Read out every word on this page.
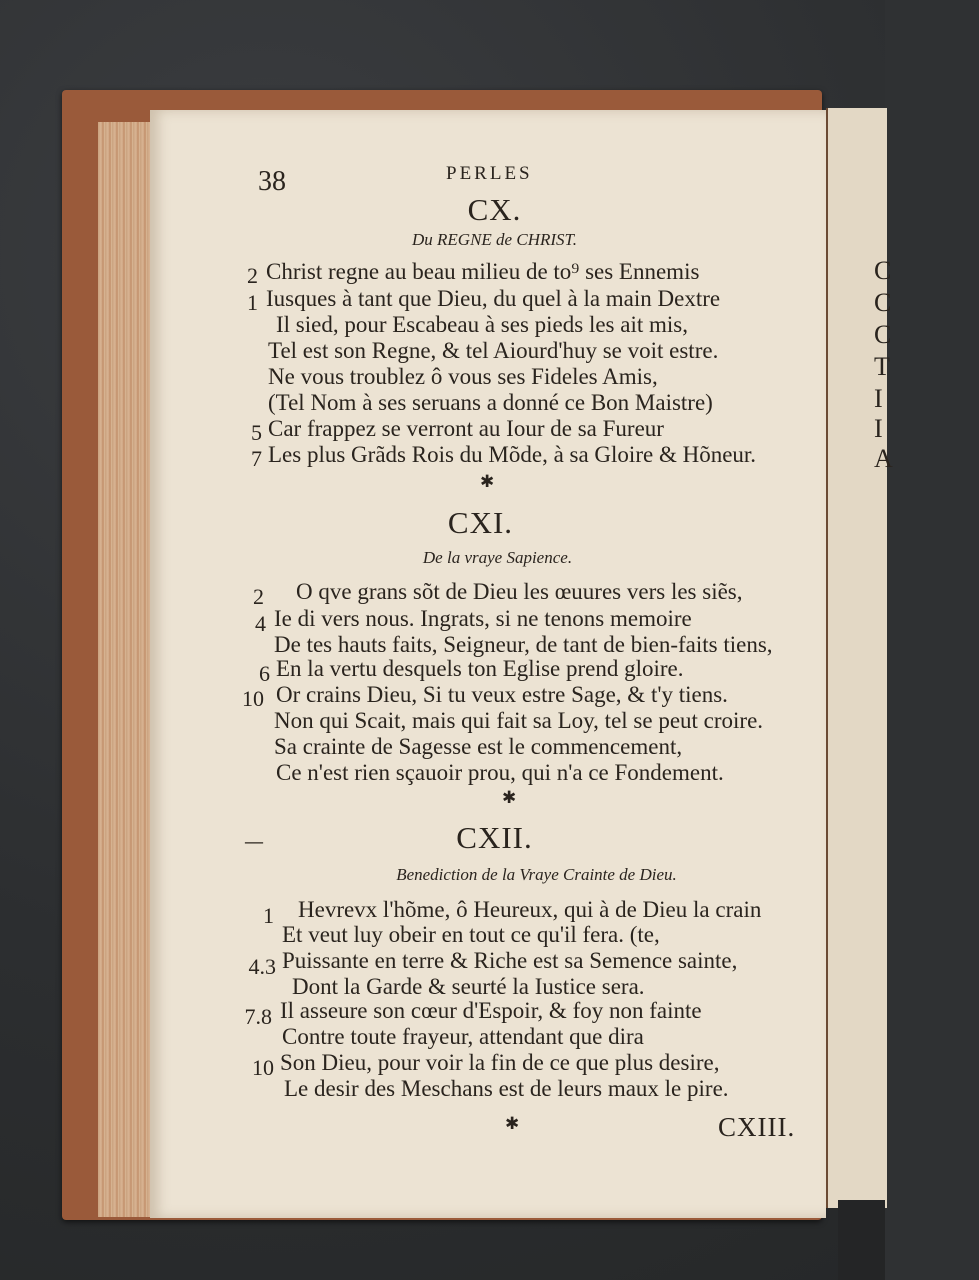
C
C
C
T
I
I
A
38	PERLES
CX.
Du REGNE de CHRIST.
2 Christ regne au beau milieu de to⁹ ses Ennemis
1 Iusques à tant que Dieu, du quel à la main Dextre
Il sied, pour Escabeau à ses pieds les ait mis,
Tel est son Regne, & tel Aiourd'huy se voit estre.
Ne vous troublez ô vous ses Fideles Amis,
(Tel Nom à ses seruans a donné ce Bon Maistre)
5 Car frappez se verront au Iour de sa Fureur
7 Les plus Grãds Rois du Mõde, à sa Gloire & Hõneur.
✱
CXI.
De la vraye Sapience.
2 O qve grans sõt de Dieu les œuures vers les siẽs,
4 Ie di vers nous. Ingrats, si ne tenons memoire
De tes hauts faits, Seigneur, de tant de bien-faits tiens,
6 En la vertu desquels ton Eglise prend gloire.
10 Or crains Dieu, Si tu veux estre Sage, & t'y tiens.
Non qui Scait, mais qui fait sa Loy, tel se peut croire.
Sa crainte de Sagesse est le commencement,
Ce n'est rien sçauoir prou, qui n'a ce Fondement.
✱
—	CXII.
Benediction de la Vraye Crainte de Dieu.
1 Hevrevx l'hõme, ô Heureux, qui à de Dieu la crain
Et veut luy obeir en tout ce qu'il fera. (te,
4.3 Puissante en terre & Riche est sa Semence sainte,
Dont la Garde & seurté la Iustice sera.
7.8 Il asseure son cœur d'Espoir, & foy non fainte
Contre toute frayeur, attendant que dira
10 Son Dieu, pour voir la fin de ce que plus desire,
Le desir des Meschans est de leurs maux le pire.
✱	CXIII.
